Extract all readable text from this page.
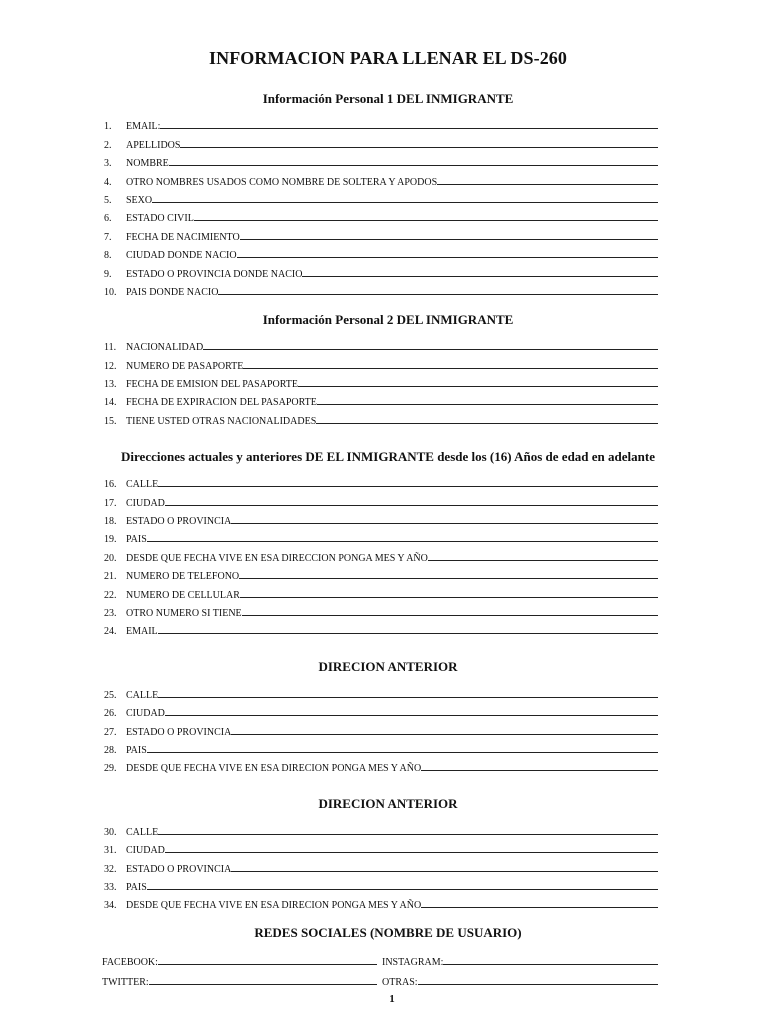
INFORMACION PARA LLENAR EL DS-260
Información Personal 1 DEL INMIGRANTE
1.	EMAIL:
2.	APELLIDOS
3.	NOMBRE
4.	OTRO NOMBRES USADOS COMO NOMBRE DE SOLTERA Y APODOS
5.	SEXO
6.	ESTADO CIVIL
7.	FECHA DE NACIMIENTO
8.	CIUDAD DONDE NACIO
9.	ESTADO O PROVINCIA DONDE NACIO
10. PAIS DONDE NACIO
Información Personal 2 DEL INMIGRANTE
11. NACIONALIDAD
12. NUMERO DE PASAPORTE
13. FECHA DE EMISION DEL PASAPORTE
14. FECHA DE EXPIRACION DEL PASAPORTE
15. TIENE USTED OTRAS NACIONALIDADES
Direcciones actuales y anteriores DE EL INMIGRANTE desde los (16) Años de edad en adelante
16. CALLE
17. CIUDAD
18. ESTADO O PROVINCIA
19. PAIS
20. DESDE QUE FECHA VIVE EN ESA DIRECCION PONGA MES Y AÑO
21. NUMERO DE TELEFONO
22. NUMERO DE CELLULAR
23. OTRO NUMERO SI TIENE
24. EMAIL
DIRECION ANTERIOR
25. CALLE
26. CIUDAD
27. ESTADO O PROVINCIA
28. PAIS
29. DESDE QUE FECHA VIVE EN ESA DIRECION PONGA MES Y AÑO
DIRECION ANTERIOR
30. CALLE
31. CIUDAD
32. ESTADO O PROVINCIA
33. PAIS
34. DESDE QUE FECHA VIVE EN ESA DIRECION PONGA MES Y AÑO
REDES SOCIALES (NOMBRE DE USUARIO)
FACEBOOK:	INSTAGRAM:
TWITTER:	OTRAS:
1
